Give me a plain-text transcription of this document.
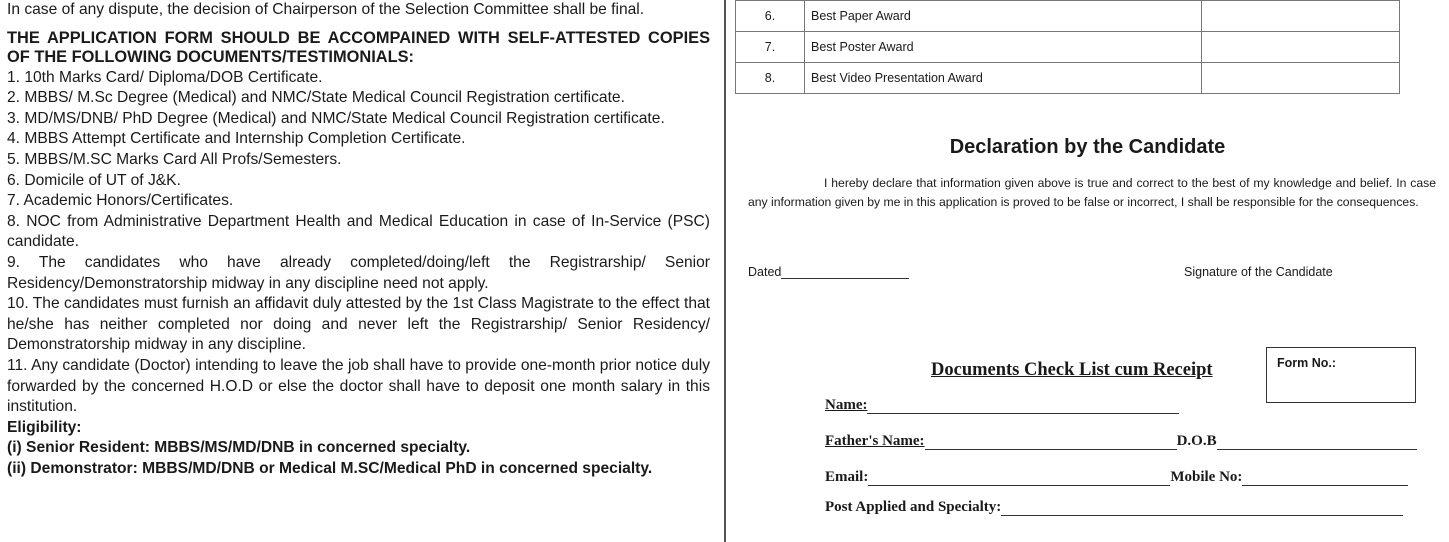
In case of any dispute, the decision of Chairperson of the Selection Committee shall be final.

THE APPLICATION FORM SHOULD BE ACCOMPAINED WITH SELF-ATTESTED COPIES OF THE FOLLOWING DOCUMENTS/TESTIMONIALS:

1. 10th Marks Card/ Diploma/DOB Certificate.

2. MBBS/ M.Sc Degree (Medical) and NMC/State Medical Council Registration certificate.

3. MD/MS/DNB/ PhD Degree (Medical) and NMC/State Medical Council Registration certificate.

4. MBBS Attempt Certificate and Internship Completion Certificate.

5. MBBS/M.SC Marks Card All Profs/Semesters.

6. Domicile of UT of J&K.

7. Academic Honors/Certificates.

8. NOC from Administrative Department Health and Medical Education in case of In-Service (PSC) candidate.

9. The candidates who have already completed/doing/left the Registrarship/ Senior Residency/Demonstratorship midway in any discipline need not apply.

10. The candidates must furnish an affidavit duly attested by the 1st Class Magistrate to the effect that he/she has neither completed nor doing and never left the Registrarship/ Senior Residency/ Demonstratorship midway in any discipline.

11. Any candidate (Doctor) intending to leave the job shall have to provide one-month prior notice duly forwarded by the concerned H.O.D or else the doctor shall have to deposit one month salary in this institution.

Eligibility:

(i) Senior Resident: MBBS/MS/MD/DNB in concerned specialty.

(ii) Demonstrator: MBBS/MD/DNB or Medical M.SC/Medical PhD in concerned specialty.

6.	Best Paper Award	
7.	Best Poster Award	
8.	Best Video Presentation Award	
Declaration by the Candidate
I hereby declare that information given above is true and correct to the best of my knowledge and belief. In case any information given by me in this application is proved to be false or incorrect, I shall be responsible for the consequences.
Dated	Signature of the Candidate
Documents Check List cum Receipt	Form No.:
Name:
Father's Name:	D.O.B
Email:	Mobile No:
Post Applied and Specialty:
